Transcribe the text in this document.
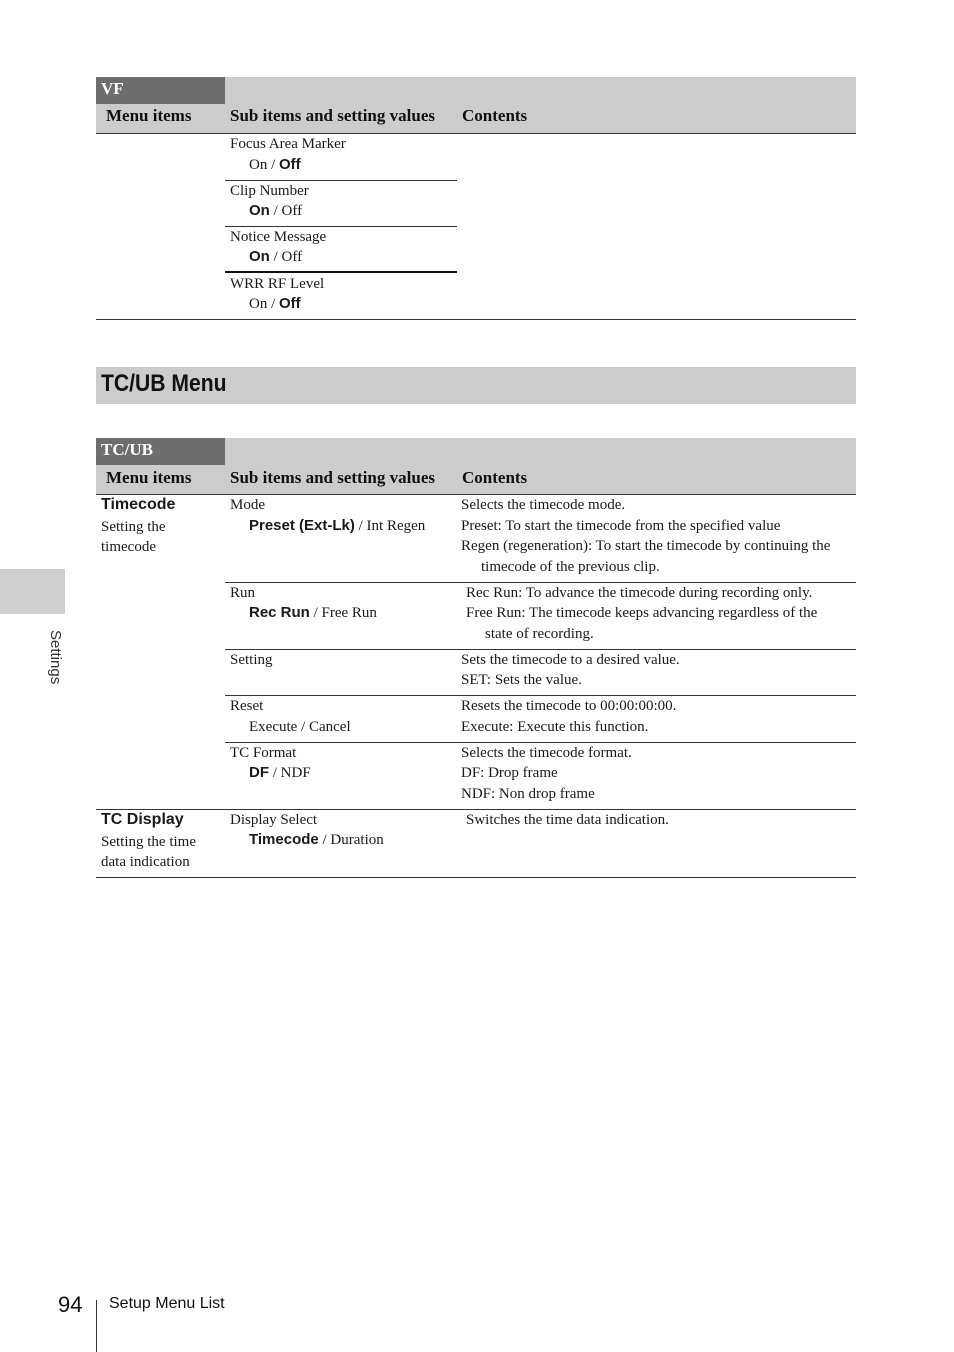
VF
Menu items Sub items and setting values Contents
Focus Area Marker
On / Off
Clip Number
On / Off
Notice Message
On / Off
WRR RF Level
On / Off
TC/UB Menu
TC/UB
Menu items Sub items and setting values Contents
Timecode
Setting the
timecode
Mode
Preset (Ext-Lk) / Int Regen
Selects the timecode mode.
Preset: To start the timecode from the specified value
Regen (regeneration): To start the timecode by continuing the
timecode of the previous clip.
Run
Rec Run / Free Run
Rec Run: To advance the timecode during recording only.
Free Run: The timecode keeps advancing regardless of the
state of recording.
Setting	Sets the timecode to a desired value.
SET: Sets the value.
Reset
Execute / Cancel
Resets the timecode to 00:00:00:00.
Execute: Execute this function.
TC Format
DF / NDF
Selects the timecode format.
DF: Drop frame
NDF: Non drop frame
TC Display
Setting the time
data indication
Display Select
Timecode / Duration
Switches the time data indication.
Settings
94 Setup Menu List
